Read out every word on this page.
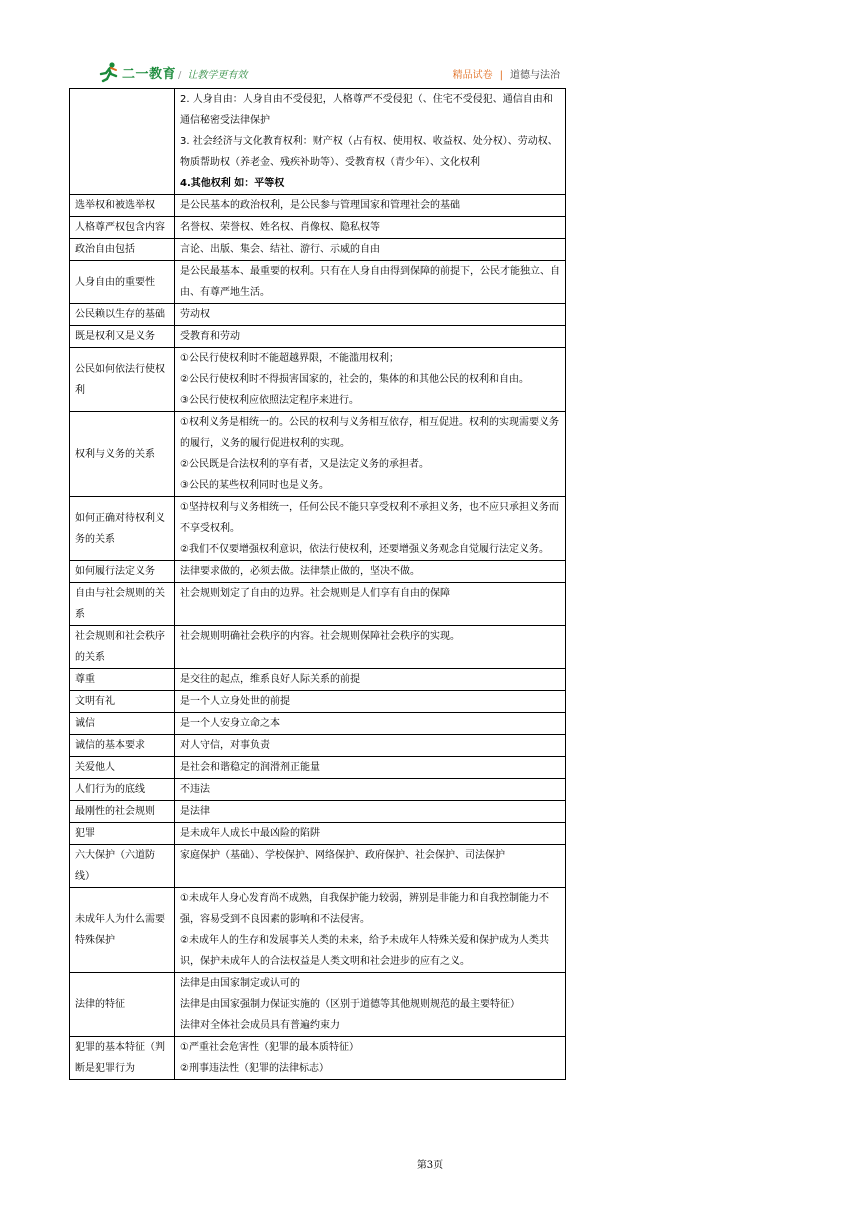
二一教育 / 让教学更有效	精品试卷 | 道德与法治

	2. 人身自由：人身自由不受侵犯，人格尊严不受侵犯（、住宅不受侵犯、通信自由和通信秘密受法律保护
3. 社会经济与文化教育权利：财产权（占有权、使用权、收益权、处分权）、劳动权、物质帮助权（养老金、残疾补助等）、受教育权（青少年）、文化权利
4.其他权利 如：平等权

选举权和被选举权	是公民基本的政治权利，是公民参与管理国家和管理社会的基础

人格尊严权包含内容	名誉权、荣誉权、姓名权、肖像权、隐私权等

政治自由包括	言论、出版、集会、结社、游行、示威的自由

人身自由的重要性	是公民最基本、最重要的权利。只有在人身自由得到保障的前提下，公民才能独立、自由、有尊严地生活。

公民赖以生存的基础	劳动权

既是权利又是义务	受教育和劳动

公民如何依法行使权利	①公民行使权利时不能超越界限，不能滥用权利；
②公民行使权利时不得损害国家的，社会的，集体的和其他公民的权利和自由。
③公民行使权利应依照法定程序来进行。

权利与义务的关系	①权利义务是相统一的。公民的权利与义务相互依存，相互促进。权利的实现需要义务的履行，义务的履行促进权利的实现。
②公民既是合法权利的享有者，又是法定义务的承担者。
③公民的某些权利同时也是义务。

如何正确对待权利义务的关系	①坚持权利与义务相统一，任何公民不能只享受权利不承担义务，也不应只承担义务而不享受权利。
②我们不仅要增强权利意识，依法行使权利，还要增强义务观念自觉履行法定义务。

如何履行法定义务	法律要求做的，必须去做。法律禁止做的，坚决不做。

自由与社会规则的关系	社会规则划定了自由的边界。社会规则是人们享有自由的保障

社会规则和社会秩序的关系	社会规则明确社会秩序的内容。社会规则保障社会秩序的实现。

尊重	是交往的起点，维系良好人际关系的前提

文明有礼	是一个人立身处世的前提

诚信	是一个人安身立命之本

诚信的基本要求	对人守信，对事负责

关爱他人	是社会和谐稳定的润滑剂正能量

人们行为的底线	不违法

最刚性的社会规则	是法律

犯罪	是未成年人成长中最凶险的陷阱

六大保护（六道防线）	家庭保护（基础）、学校保护、网络保护、政府保护、社会保护、司法保护

未成年人为什么需要特殊保护	①未成年人身心发育尚不成熟，自我保护能力较弱，辨别是非能力和自我控制能力不强，容易受到不良因素的影响和不法侵害。
②未成年人的生存和发展事关人类的未来，给予未成年人特殊关爱和保护成为人类共识，保护未成年人的合法权益是人类文明和社会进步的应有之义。

法律的特征	法律是由国家制定或认可的
法律是由国家强制力保证实施的（区别于道德等其他规则规范的最主要特征）
法律对全体社会成员具有普遍约束力

犯罪的基本特征（判断是犯罪行为	①严重社会危害性（犯罪的最本质特征）
②刑事违法性（犯罪的法律标志）
第3页
